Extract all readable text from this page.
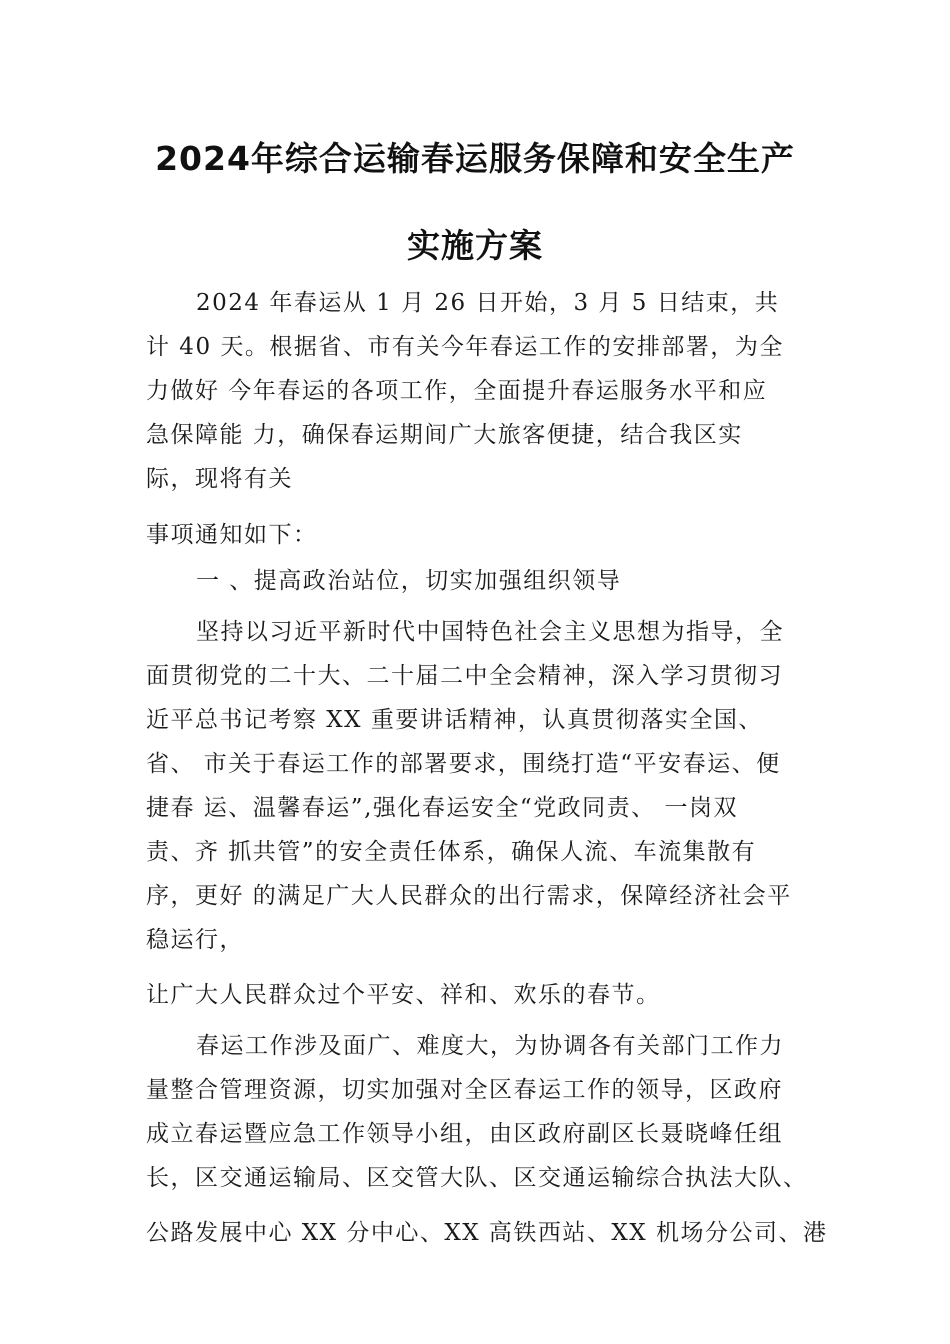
2024年综合运输春运服务保障和安全生产
实施方案
2024 年春运从 1 月 26 日开始，3 月 5 日结束，共
计 40 天。根据省、市有关今年春运工作的安排部署，为全
力做好 今年春运的各项工作，全面提升春运服务水平和应
急保障能 力，确保春运期间广大旅客便捷，结合我区实
际，现将有关
事项通知如下：
一 、提高政治站位，切实加强组织领导
坚持以习近平新时代中国特色社会主义思想为指导，全
面贯彻党的二十大、二十届二中全会精神，深入学习贯彻习
近平总书记考察 XX 重要讲话精神，认真贯彻落实全国、
省、 市关于春运工作的部署要求，围绕打造“平安春运、便
捷春 运、温馨春运”,强化春运安全“党政同责、 一岗双
责、齐 抓共管”的安全责任体系，确保人流、车流集散有
序，更好 的满足广大人民群众的出行需求，保障经济社会平
稳运行，
让广大人民群众过个平安、祥和、欢乐的春节。
春运工作涉及面广、难度大，为协调各有关部门工作力
量整合管理资源，切实加强对全区春运工作的领导，区政府
成立春运暨应急工作领导小组，由区政府副区长聂晓峰任组
长，区交通运输局、区交管大队、区交通运输综合执法大队、
公路发展中心 XX 分中心、XX 高铁西站、XX 机场分公司、港
